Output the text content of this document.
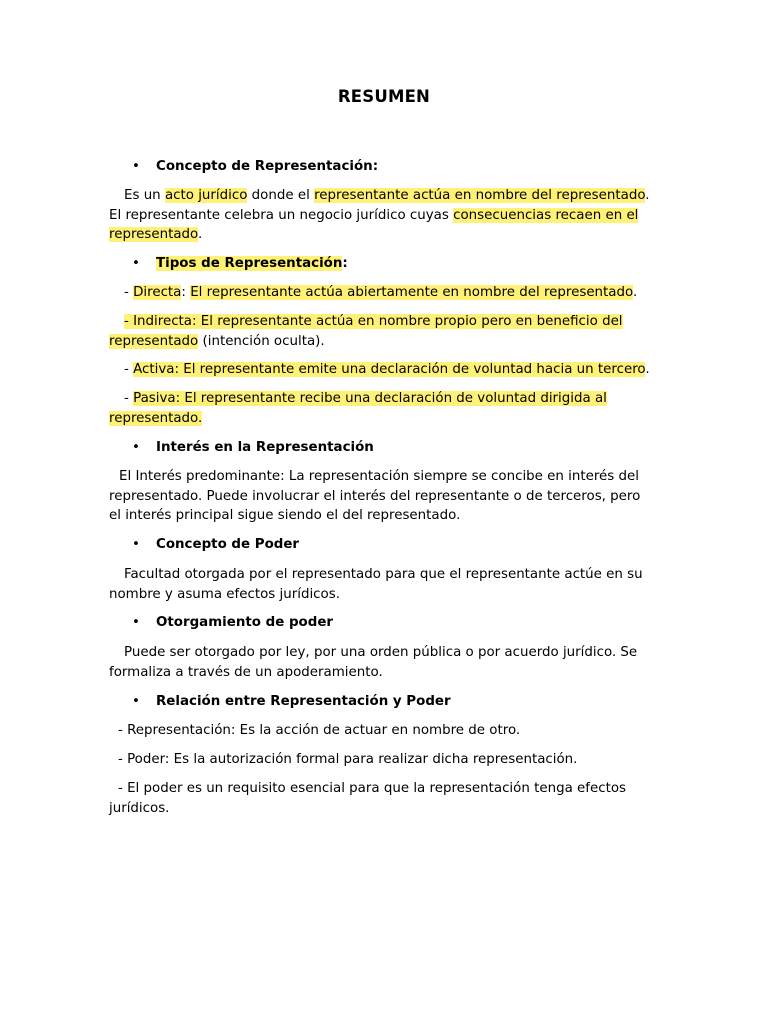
RESUMEN
• Concepto de Representación:

Es un acto jurídico donde el representante actúa en nombre del representado. El representante celebra un negocio jurídico cuyas consecuencias recaen en el representado.

• Tipos de Representación:

- Directa: El representante actúa abiertamente en nombre del representado.

- Indirecta: El representante actúa en nombre propio pero en beneficio del representado (intención oculta).

- Activa: El representante emite una declaración de voluntad hacia un tercero.

- Pasiva: El representante recibe una declaración de voluntad dirigida al representado.

• Interés en la Representación

El Interés predominante: La representación siempre se concibe en interés del representado. Puede involucrar el interés del representante o de terceros, pero el interés principal sigue siendo el del representado.

• Concepto de Poder

Facultad otorgada por el representado para que el representante actúe en su nombre y asuma efectos jurídicos.

• Otorgamiento de poder

Puede ser otorgado por ley, por una orden pública o por acuerdo jurídico. Se formaliza a través de un apoderamiento.

• Relación entre Representación y Poder

- Representación: Es la acción de actuar en nombre de otro.

- Poder: Es la autorización formal para realizar dicha representación.

- El poder es un requisito esencial para que la representación tenga efectos jurídicos.
